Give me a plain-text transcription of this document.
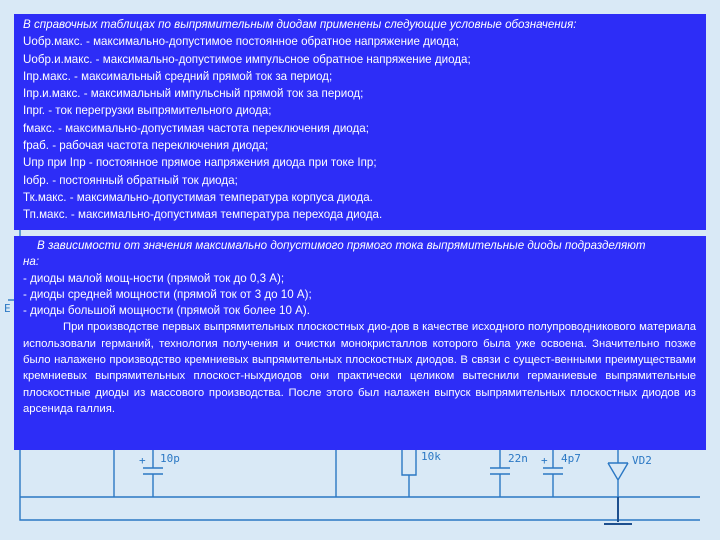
+ 10р	10k	22n + 4р7	VD2
Е
В справочных таблицах по выпрямительным диодам применены следующие условные обозначения:
Uобр.макс. - максимально-допустимое постоянное обратное напряжение диода;
Uобр.и.макс. - максимально-допустимое импульсное обратное напряжение диода;
Iпр.макс. - максимальный средний прямой ток за период;
Iпр.и.макс. - максимальный импульсный прямой ток за период;
Iпрг. - ток перегрузки выпрямительного диода;
fмакс. - максимально-допустимая частота переключения диода;
fраб. - рабочая частота переключения диода;
Uпр при Iпр - постоянное прямое напряжения диода при токе Iпр;
Iобр. - постоянный обратный ток диода;
Тк.макс. - максимально-допустимая температура корпуса диода.
Тп.макс. - максимально-допустимая температура перехода диода.
В зависимости от значения максимально допустимого прямого тока выпрямительные диоды подразделяют на:
- диоды малой мощ-ности (прямой ток до 0,3 А);
- диоды средней мощности (прямой ток от 3 до 10 А);
- диоды большой мощности (прямой ток более 10 А).

Пpи производстве первых выпрямительных плоскостных дио-дов в качестве исходного полупроводникового материала использовали германий, технология получения и очистки монокристаллов которого была уже освоена. Значительно позже было налажено производство кремниевых выпрямительных плоскостных диодов. В связи с сущест-венными преимуществами кремниевых выпрямительных плоскост-ныхдиодов они практически целиком вытеснили германиевые выпрямительные плоскостные диоды из массового производства. После этого был налажен выпуск выпрямительных плоскостных диодов из арсенида галлия.
